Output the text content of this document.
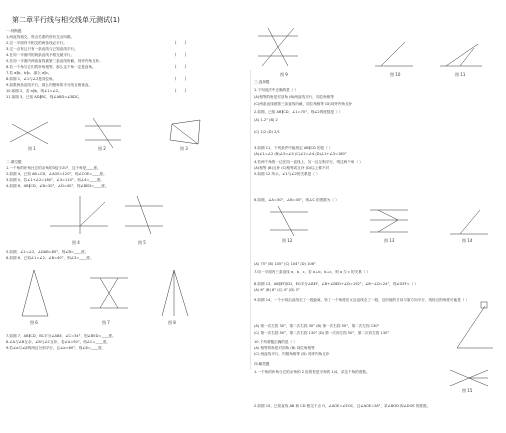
第二章平行线与相交线单元测试(1)
一.判断题
1.两直线相交，每点关系的所有交点叫做。
2.过一平面内不相交的两条线必平行。
3.过一点有且只有一条直线与已知直线平行。
4.在同一平面内的两条直线不相交就平行。
5.在同一平面内两条直线被第三条直线所截，同旁内角互补。
6.若一个角与它们的补角相等，那么这个角一定是直角。
7.若 a∥b，b∥c，那么 a∥c。
8.如图 1，∠1与∠2是同位角。
9.如果两条直线平行，那么内错角的平分线互相垂直。
10.如图 2，若 a∥b，则∠1=∠2。
11.如图 3，已知 AD∥BC，则∠ABD=∠BDC。
(　　)
(　　)
(　　)
(　　)
(　　)
图 1	图 2	图 3
二.填空题
1.一个角的补角比它的余角的3倍少20°，这个角是____度。
2.如图 4，已知 AB⊥CD，∠AOE=120°，则∠COE=____度。
3.如图 5，若∠1+∠2=180°，∠3=110°，则∠4=____度。
4.如图 6，AB∥CD，∠B=30°，∠D=40°，则∠BED=____度。
图 4	图 5
5.如图，∠1=∠2，∠DAB=85°，则∠B=____度。
6.如图 6，已知∠1=∠2，∠B=40°，则∠3=____度。
图 6	图 7	图 8
7.如图 7，AB∥CD，BC平分∠ABE，∠C=34°，则∠BED=____度。
8.∠A与∠B互余，∠B与∠C互补，若∠A=50°，则∠C=____度。
9.若∠α与∠β的两边分别平行，且∠α=60°，则∠β=____度。
图 9	图 10	图 11
三.选择题
1.下列说法中正确的是（ ）
(A)相等的角是对顶角 (B)两直线平行，同位角相等
(C)两条直线被第三条直线所截，同位角相等 (D)同旁内角互补
2.如图，已知 AB∥CD，∠1=70°，则∠2的度数是（ ）
(A) 1.2° (B) 2
(C) 1/2 (D) 2/1
3.如图 11，下列条件中能判定 AB∥CD 的是（ ）
(A)∠1=∠2 (B)∠3=∠4 (C)∠2=∠4 (D)∠1+∠3=180°
4.若两个角的一边在同一直线上，另一边互相平行，则这两个角（ ）
(A)相等 (B)互补 (C)相等或互补 (D)以上都不对
5.如图 12 所示，∠1与∠2的关系是（ ）
6.如图，∠A=30°，∠B=45°，则∠C 的度数为（ ）
图 12	图 13	图 14
(A) 75° (B) 105° (C) 104° (D) 106°
7.同一平面内三条直线 a、b、c，若 a⊥b，b⊥c，则 a 与 c 的关系（ ）
8.如图 13，AB∥EF∥CD，EG平分∠BEF，∠B+∠BED+∠D=192°，∠B−∠D=24°，则∠GEF=（ ）
(A) 6° (B) 8° (C) 4° (D) 3°
9.如图 14，一个小孩沿直线走了一段距离，转了一个角度后又沿直线走了一段，这时他的方向与原方向平行，则转过的角度可能是（ ）
(A) 第一次左拐 30°，第二次右拐 30° (B) 第一次右拐 50°，第二次左拐 130°
(C) 第一次右拐 50°，第二次右拐 130° (D) 第一次向左拐 50°，第二次向左拐 130°
10.下列命题正确的是（ ）
(A) 相等的角是对顶角 (B) 同位角相等
(C) 两直线平行，内错角相等 (D) 同旁内角互补
四.解答题
1.一个角的补角与它的余角的 2 倍的差是平角的 1/4，求这个角的度数。
图 15
2.如图 15，已知直线 AB 和 CD 相交于点 O，∠AOE=∠EOC，且∠AOE=28°，求∠BOD 和∠DOE 的度数。
